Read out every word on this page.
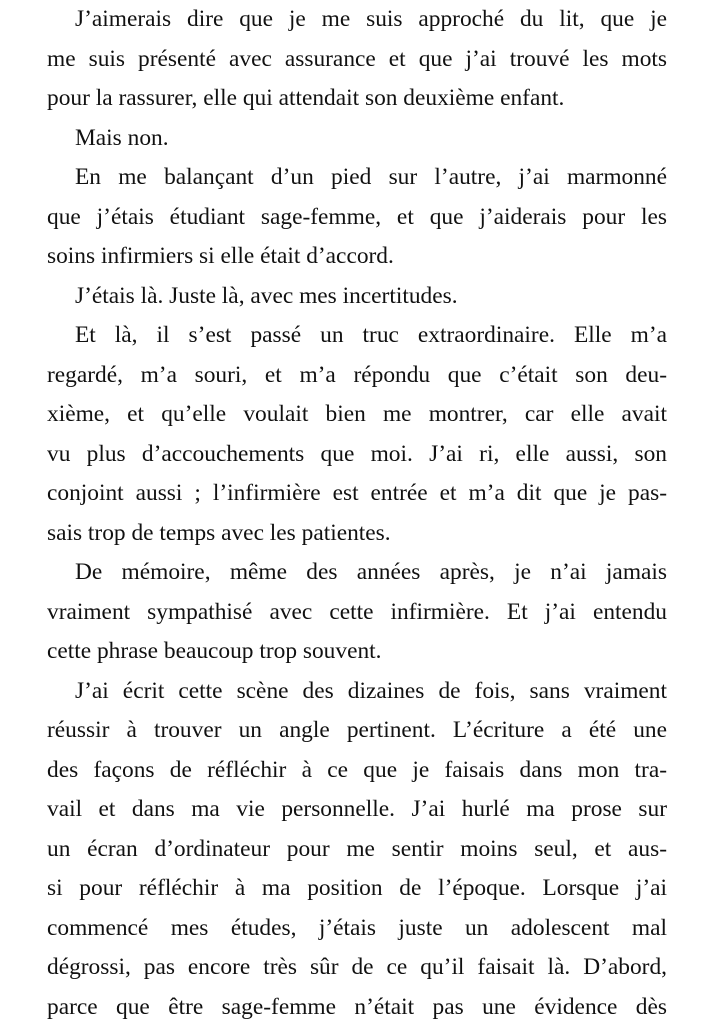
J’aimerais dire que je me suis approché du lit, que je
me suis présenté avec assurance et que j’ai trouvé les mots
pour la rassurer, elle qui attendait son deuxième enfant.

Mais non.

En me balançant d’un pied sur l’autre, j’ai marmonné
que j’étais étudiant sage-femme, et que j’aiderais pour les
soins infirmiers si elle était d’accord.

J’étais là. Juste là, avec mes incertitudes.

Et là, il s’est passé un truc extraordinaire. Elle m’a
regardé, m’a souri, et m’a répondu que c’était son deu-
xième, et qu’elle voulait bien me montrer, car elle avait
vu plus d’accouchements que moi. J’ai ri, elle aussi, son
conjoint aussi ; l’infirmière est entrée et m’a dit que je pas-
sais trop de temps avec les patientes.

De mémoire, même des années après, je n’ai jamais
vraiment sympathisé avec cette infirmière. Et j’ai entendu
cette phrase beaucoup trop souvent.

J’ai écrit cette scène des dizaines de fois, sans vraiment
réussir à trouver un angle pertinent. L’écriture a été une
des façons de réfléchir à ce que je faisais dans mon tra-
vail et dans ma vie personnelle. J’ai hurlé ma prose sur
un écran d’ordinateur pour me sentir moins seul, et aus-
si pour réfléchir à ma position de l’époque. Lorsque j’ai
commencé mes études, j’étais juste un adolescent mal
dégrossi, pas encore très sûr de ce qu’il faisait là. D’abord,
parce que être sage-femme n’était pas une évidence dès
